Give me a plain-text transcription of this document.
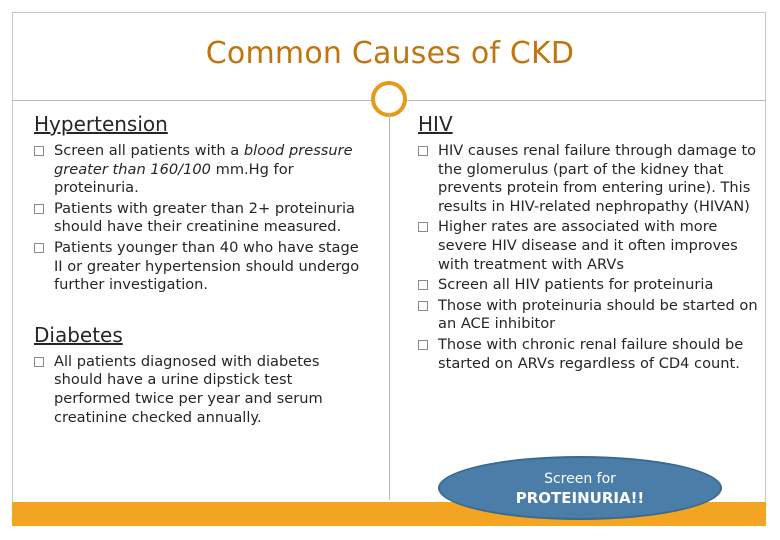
Common Causes of CKD
Hypertension
Screen all patients with a blood pressure greater than 160/100 mm.Hg for proteinuria.
Patients with greater than 2+ proteinuria should have their creatinine measured.
Patients younger than 40 who have stage II or greater hypertension should undergo further investigation.
Diabetes
All patients diagnosed with diabetes should have a urine dipstick test performed twice per year and serum creatinine checked annually.
HIV
HIV causes renal failure through damage to the glomerulus (part of the kidney that prevents protein from entering urine). This results in HIV-related nephropathy (HIVAN)
Higher rates are associated with more severe HIV disease and it often improves with treatment with ARVs
Screen all HIV patients for proteinuria
Those with proteinuria should be started on an ACE inhibitor
Those with chronic renal failure should be started on ARVs regardless of CD4 count.
Screen for
PROTEINURIA!!
